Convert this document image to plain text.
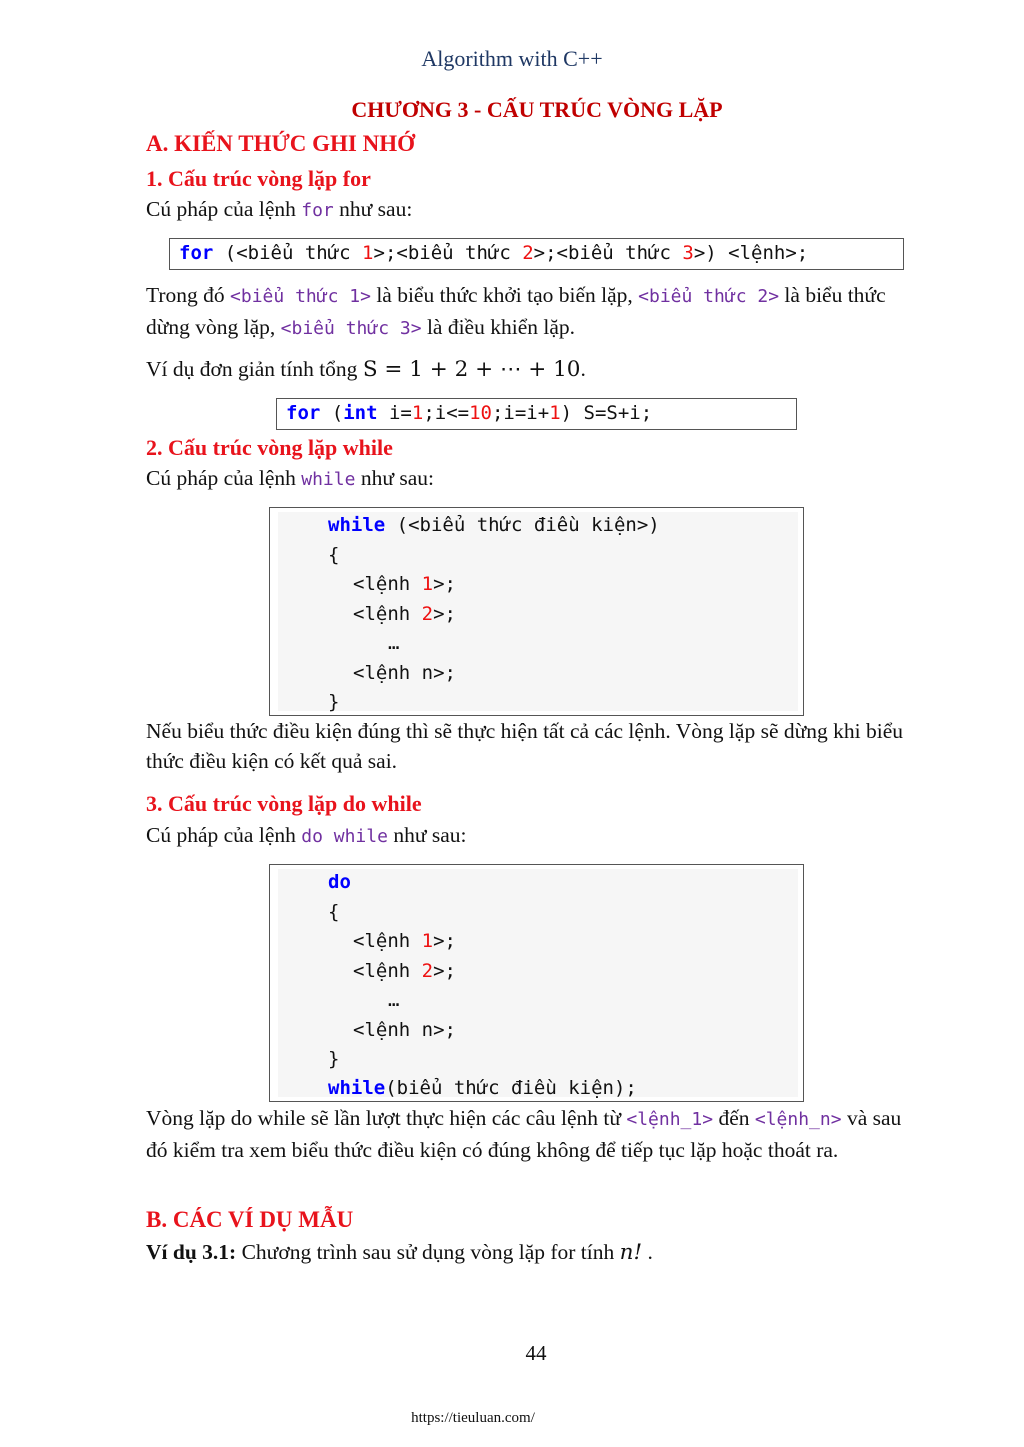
Algorithm with C++
CHƯƠNG 3 - CẤU TRÚC VÒNG LẶP
A. KIẾN THỨC GHI NHỚ
1. Cấu trúc vòng lặp for
Cú pháp của lệnh for như sau:
for (<biểu thức 1>;<biểu thức 2>;<biểu thức 3>) <lệnh>;
Trong đó <biểu thức 1> là biểu thức khởi tạo biến lặp, <biểu thức 2> là biểu thức dừng vòng lặp, <biểu thức 3> là điều khiển lặp.
Ví dụ đơn giản tính tổng S = 1 + 2 + ⋯ + 10.
for (int i=1;i<=10;i=i+1) S=S+i;
2. Cấu trúc vòng lặp while
Cú pháp của lệnh while như sau:
while (<biểu thức điều kiện>)
{
<lệnh 1>;
<lệnh 2>;
…
<lệnh n>;
}
Nếu biểu thức điều kiện đúng thì sẽ thực hiện tất cả các lệnh. Vòng lặp sẽ dừng khi biểu thức điều kiện có kết quả sai.
3. Cấu trúc vòng lặp do while
Cú pháp của lệnh do while như sau:
do
{
<lệnh 1>;
<lệnh 2>;
…
<lệnh n>;
}
while(biểu thức điều kiện);
Vòng lặp do while sẽ lần lượt thực hiện các câu lệnh từ <lệnh_1> đến <lệnh_n> và sau đó kiểm tra xem biểu thức điều kiện có đúng không để tiếp tục lặp hoặc thoát ra.
B. CÁC VÍ DỤ MẪU
Ví dụ 3.1: Chương trình sau sử dụng vòng lặp for tính n! .
44
https://tieuluan.com/
